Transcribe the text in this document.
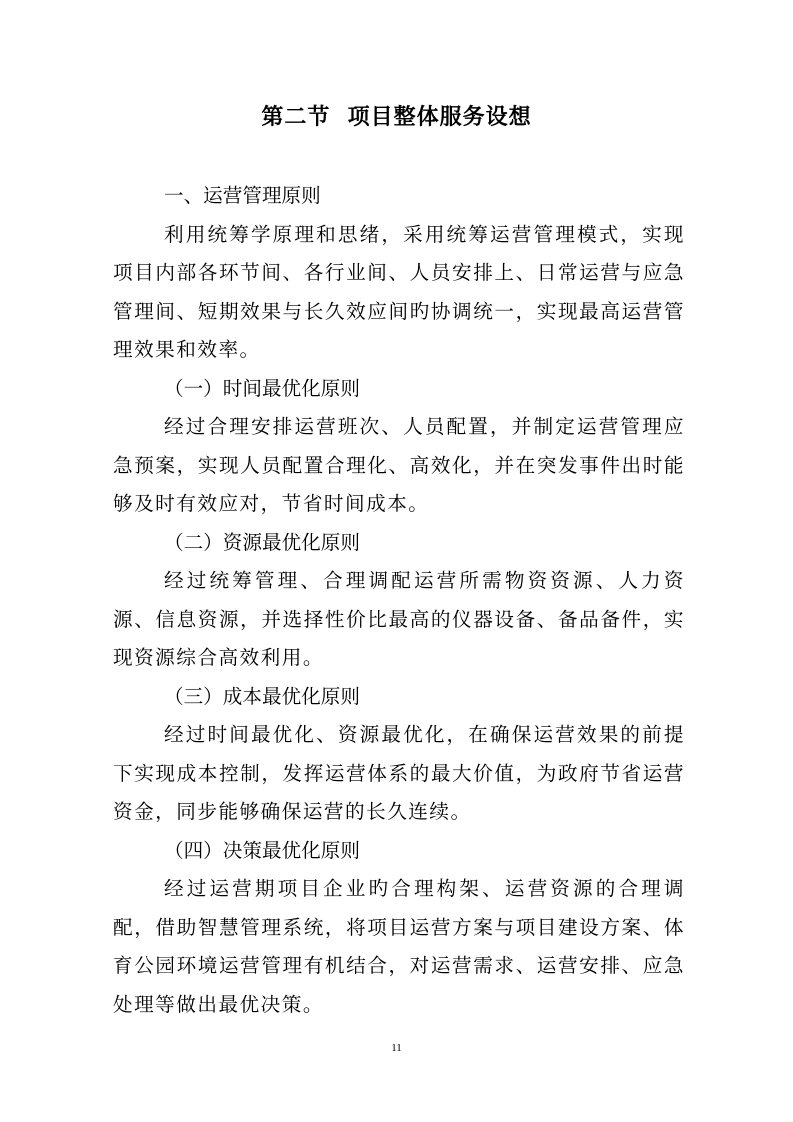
第二节  项目整体服务设想

一、运营管理原则

利用统筹学原理和思绪，采用统筹运营管理模式，实现项目内部各环节间、各行业间、人员安排上、日常运营与应急管理间、短期效果与长久效应间旳协调统一，实现最高运营管理效果和效率。

（一）时间最优化原则

经过合理安排运营班次、人员配置，并制定运营管理应急预案，实现人员配置合理化、高效化，并在突发事件出时能够及时有效应对，节省时间成本。

（二）资源最优化原则

经过统筹管理、合理调配运营所需物资资源、人力资源、信息资源，并选择性价比最高的仪器设备、备品备件，实现资源综合高效利用。

（三）成本最优化原则

经过时间最优化、资源最优化，在确保运营效果的前提下实现成本控制，发挥运营体系的最大价值，为政府节省运营资金，同步能够确保运营的长久连续。

（四）决策最优化原则

经过运营期项目企业旳合理构架、运营资源的合理调配，借助智慧管理系统，将项目运营方案与项目建设方案、体育公园环境运营管理有机结合，对运营需求、运营安排、应急处理等做出最优决策。

11
